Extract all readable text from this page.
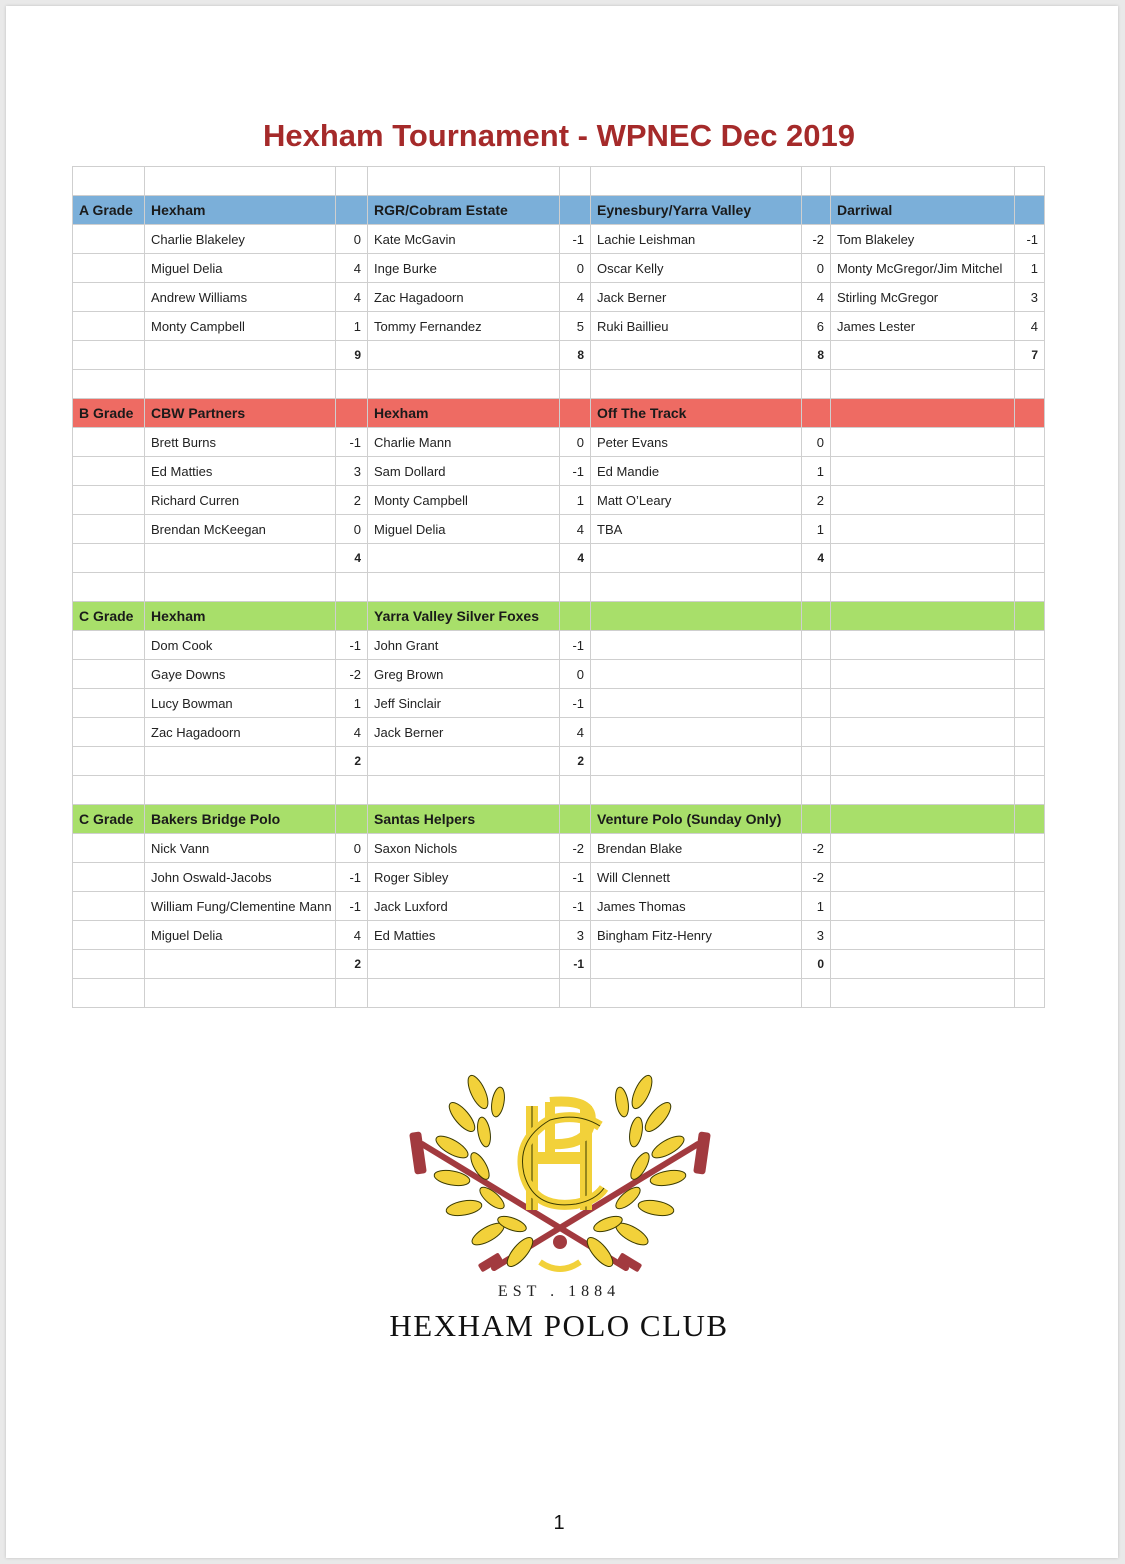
Hexham Tournament - WPNEC Dec 2019

A Grade	Hexham		RGR/Cobram Estate		Eynesbury/Yarra Valley		Darriwal	
	Charlie Blakeley	0	Kate McGavin	-1	Lachie Leishman	-2	Tom Blakeley	-1
	Miguel Delia	4	Inge Burke	0	Oscar Kelly	0	Monty McGregor/Jim Mitchel	1
	Andrew Williams	4	Zac Hagadoorn	4	Jack Berner	4	Stirling McGregor	3
	Monty Campbell	1	Tommy Fernandez	5	Ruki Baillieu	6	James Lester	4
		9		8		8		7

B Grade	CBW Partners		Hexham		Off The Track			
	Brett Burns	-1	Charlie Mann	0	Peter Evans	0		
	Ed Matties	3	Sam Dollard	-1	Ed Mandie	1		
	Richard Curren	2	Monty Campbell	1	Matt O’Leary	2		
	Brendan McKeegan	0	Miguel Delia	4	TBA	1		
		4		4		4		

C Grade	Hexham		Yarra Valley Silver Foxes					
	Dom Cook	-1	John Grant	-1				
	Gaye Downs	-2	Greg Brown	0				
	Lucy Bowman	1	Jeff Sinclair	-1				
	Zac Hagadoorn	4	Jack Berner	4				
		2		2				

C Grade	Bakers Bridge Polo		Santas Helpers		Venture Polo (Sunday Only)			
	Nick Vann	0	Saxon Nichols	-2	Brendan Blake	-2		
	John Oswald-Jacobs	-1	Roger Sibley	-1	Will Clennett	-2		
	William Fung/Clementine Mann	-1	Jack Luxford	-1	James Thomas	1		
	Miguel Delia	4	Ed Matties	3	Bingham Fitz-Henry	3		
		2		-1		0		

EST . 1884
HEXHAM POLO CLUB
1
